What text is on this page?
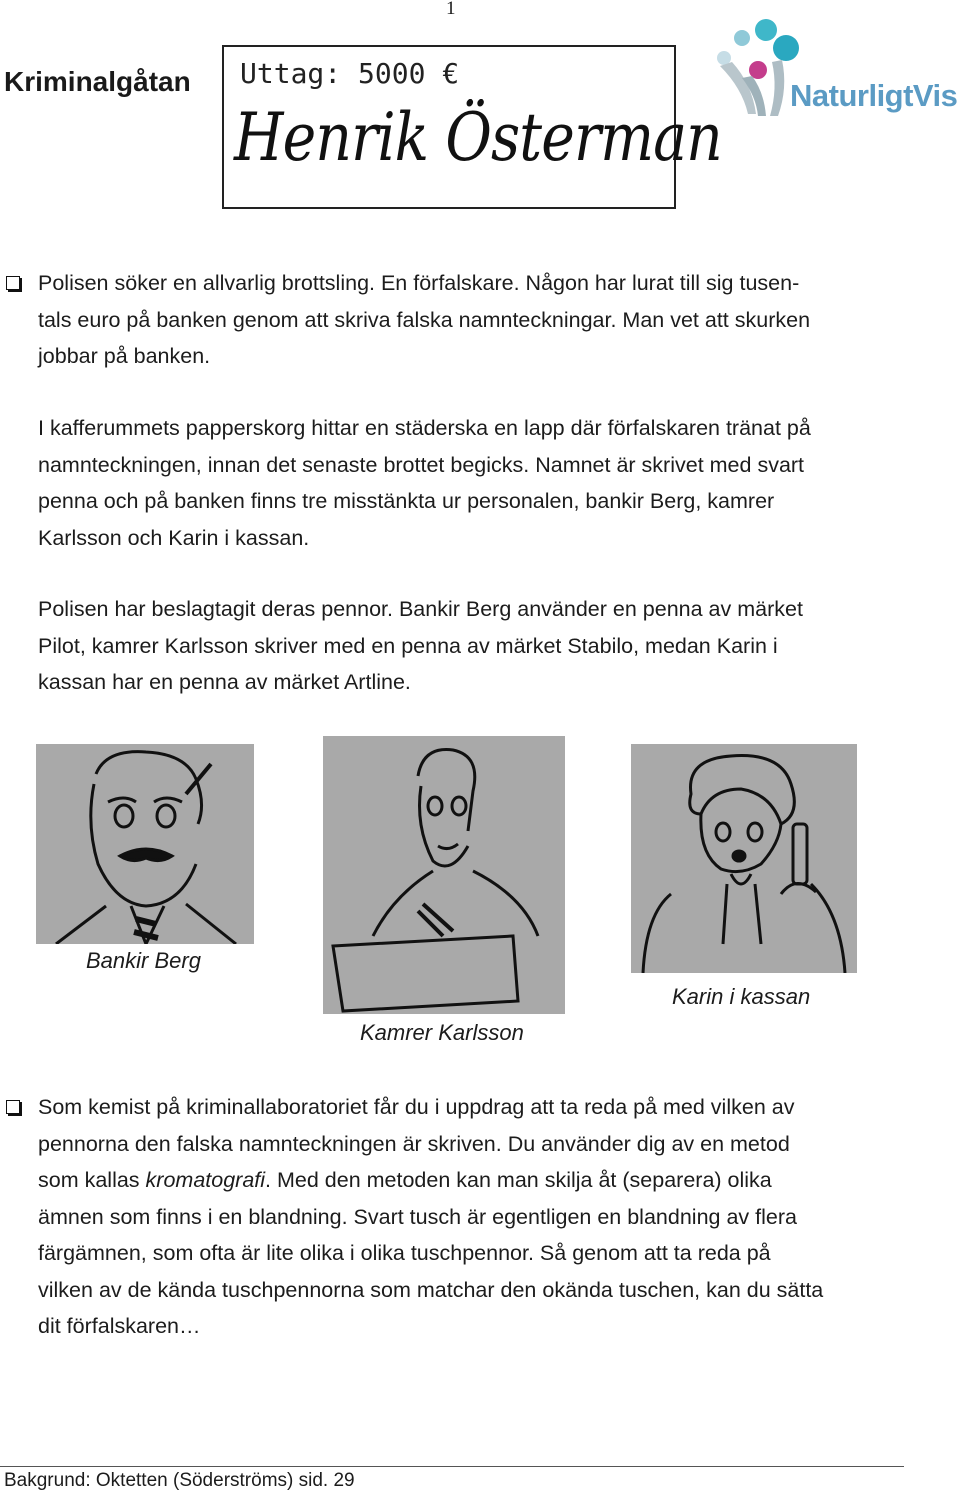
1
Kriminalgåtan Uttag: 5000 €
Henrik Österman
NaturligtVis
Polisen söker en allvarlig brottsling. En förfalskare. Någon har lurat till sig tusen-
tals euro på banken genom att skriva falska namnteckningar. Man vet att skurken
jobbar på banken.
I kafferummets papperskorg hittar en städerska en lapp där förfalskaren tränat på
namnteckningen, innan det senaste brottet begicks. Namnet är skrivet med svart
penna och på banken finns tre misstänkta ur personalen, bankir Berg, kamrer
Karlsson och Karin i kassan.
Polisen har beslagtagit deras pennor. Bankir Berg använder en penna av märket
Pilot, kamrer Karlsson skriver med en penna av märket Stabilo, medan Karin i
kassan har en penna av märket Artline.
Bankir Berg
Kamrer Karlsson
Karin i kassan
Som kemist på kriminallaboratoriet får du i uppdrag att ta reda på med vilken av
pennorna den falska namnteckningen är skriven. Du använder dig av en metod
som kallas kromatografi. Med den metoden kan man skilja åt (separera) olika
ämnen som finns i en blandning. Svart tusch är egentligen en blandning av flera
färgämnen, som ofta är lite olika i olika tuschpennor. Så genom att ta reda på
vilken av de kända tuschpennorna som matchar den okända tuschen, kan du sätta
dit förfalskaren…
Bakgrund: Oktetten (Söderströms) sid. 29
